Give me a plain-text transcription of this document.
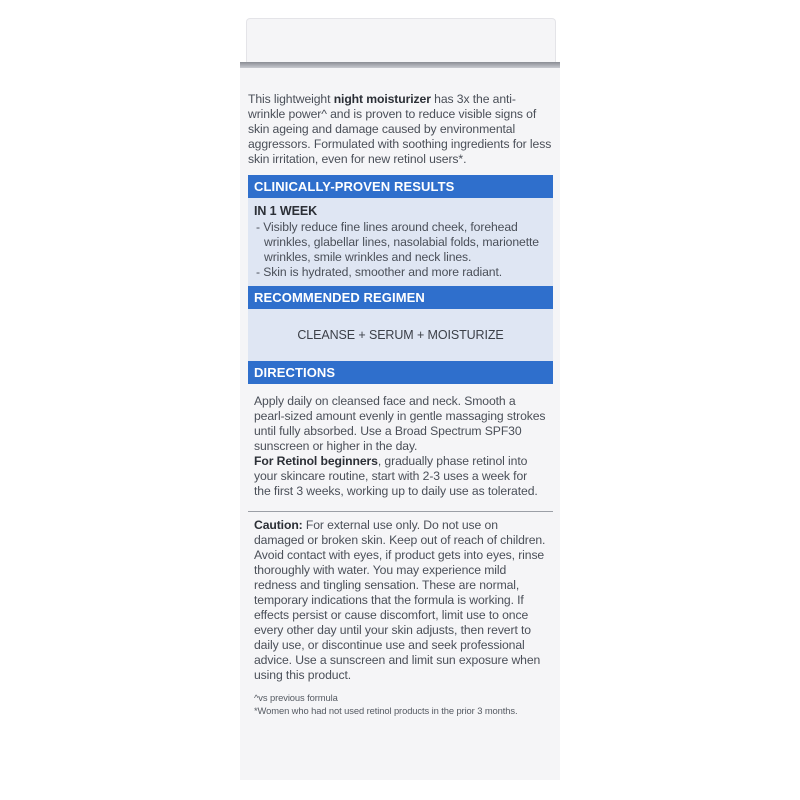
This lightweight night moisturizer has 3x the anti-wrinkle power^ and is proven to reduce visible signs of skin ageing and damage caused by environmental aggressors. Formulated with soothing ingredients for less skin irritation, even for new retinol users*.

CLINICALLY-PROVEN RESULTS
IN 1 WEEK
- Visibly reduce fine lines around cheek, forehead wrinkles, glabellar lines, nasolabial folds, marionette wrinkles, smile wrinkles and neck lines.
- Skin is hydrated, smoother and more radiant.
RECOMMENDED REGIMEN
CLEANSE + SERUM + MOISTURIZE
DIRECTIONS

Apply daily on cleansed face and neck. Smooth a pearl-sized amount evenly in gentle massaging strokes until fully absorbed. Use a Broad Spectrum SPF30 sunscreen or higher in the day.

For Retinol beginners, gradually phase retinol into your skincare routine, start with 2-3 uses a week for the first 3 weeks, working up to daily use as tolerated.

Caution: For external use only. Do not use on damaged or broken skin. Keep out of reach of children. Avoid contact with eyes, if product gets into eyes, rinse thoroughly with water. You may experience mild redness and tingling sensation. These are normal, temporary indications that the formula is working. If effects persist or cause discomfort, limit use to once every other day until your skin adjusts, then revert to daily use, or discontinue use and seek professional advice. Use a sunscreen and limit sun exposure when using this product.
^vs previous formula
*Women who had not used retinol products in the prior 3 months.
